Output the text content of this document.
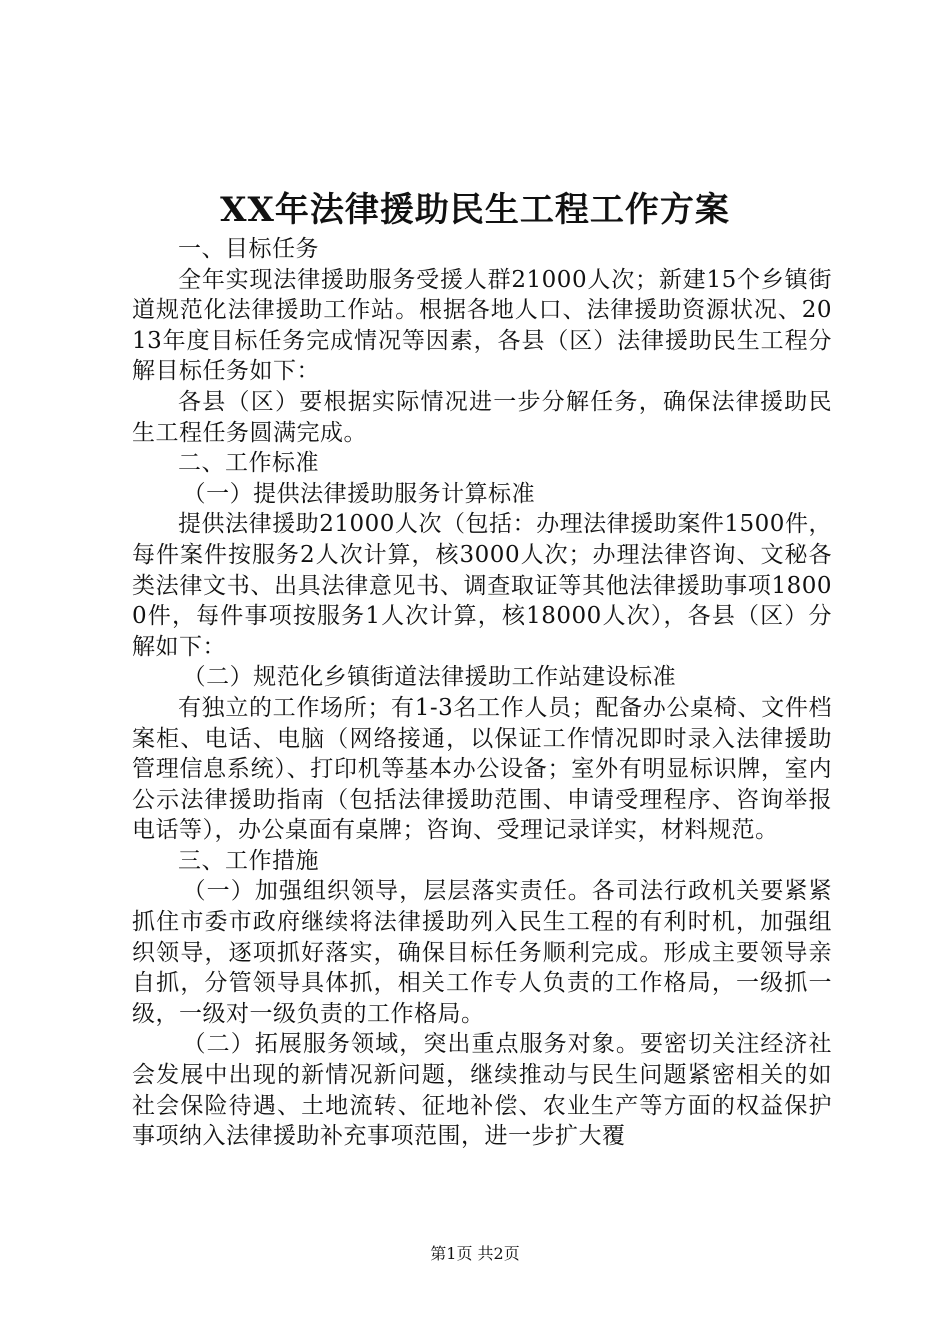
XX年法律援助民生工程工作方案

一、目标任务

全年实现法律援助服务受援人群21000人次；新建15个乡镇街道规范化法律援助工作站。根据各地人口、法律援助资源状况、2013年度目标任务完成情况等因素，各县（区）法律援助民生工程分解目标任务如下：

各县（区）要根据实际情况进一步分解任务，确保法律援助民生工程任务圆满完成。

二、工作标准

（一）提供法律援助服务计算标准

提供法律援助21000人次（包括：办理法律援助案件1500件，每件案件按服务2人次计算，核3000人次；办理法律咨询、文秘各类法律文书、出具法律意见书、调查取证等其他法律援助事项18000件，每件事项按服务1人次计算，核18000人次），各县（区）分解如下：

（二）规范化乡镇街道法律援助工作站建设标准

有独立的工作场所；有1-3名工作人员；配备办公桌椅、文件档案柜、电话、电脑（网络接通，以保证工作情况即时录入法律援助管理信息系统）、打印机等基本办公设备；室外有明显标识牌，室内公示法律援助指南（包括法律援助范围、申请受理程序、咨询举报电话等），办公桌面有桌牌；咨询、受理记录详实，材料规范。

三、工作措施

（一）加强组织领导，层层落实责任。各司法行政机关要紧紧抓住市委市政府继续将法律援助列入民生工程的有利时机，加强组织领导，逐项抓好落实，确保目标任务顺利完成。形成主要领导亲自抓，分管领导具体抓，相关工作专人负责的工作格局，一级抓一级，一级对一级负责的工作格局。

（二）拓展服务领域，突出重点服务对象。要密切关注经济社会发展中出现的新情况新问题，继续推动与民生问题紧密相关的如社会保险待遇、土地流转、征地补偿、农业生产等方面的权益保护事项纳入法律援助补充事项范围，进一步扩大覆

第1页 共2页
